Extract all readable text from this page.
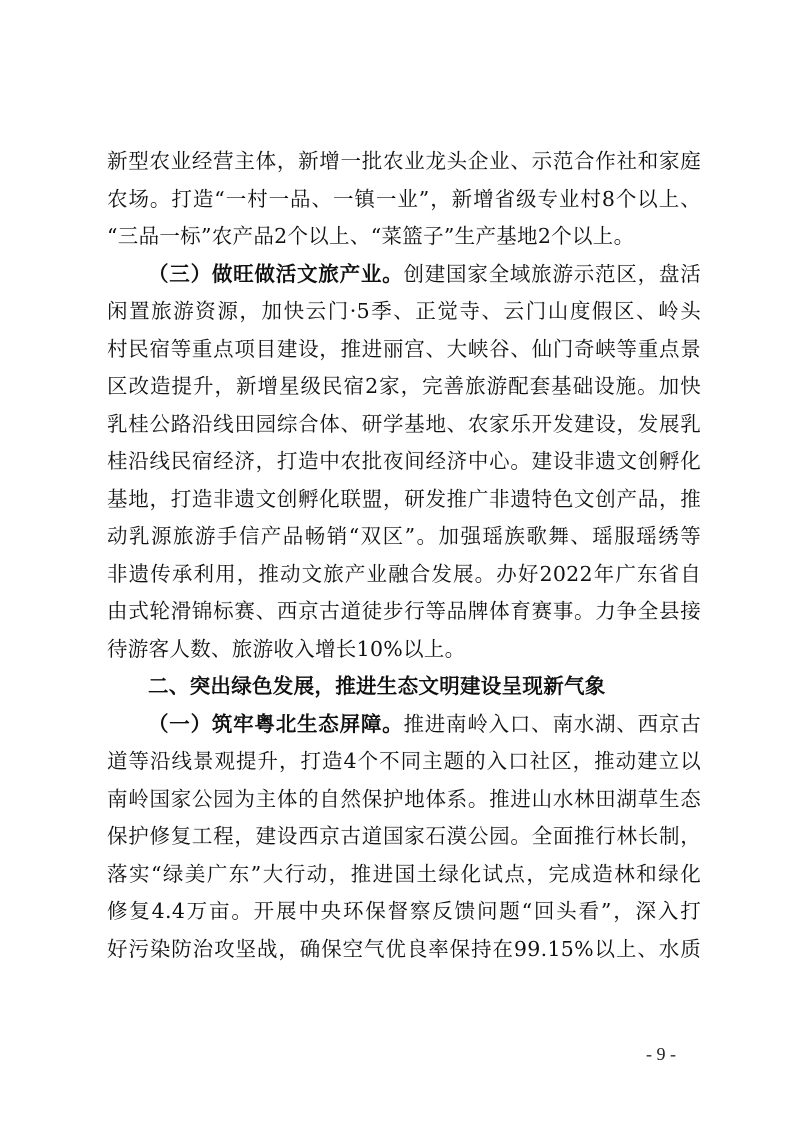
新型农业经营主体，新增一批农业龙头企业、示范合作社和家庭
农场。打造“一村一品、一镇一业”，新增省级专业村8个以上、
“三品一标”农产品2个以上、“菜篮子”生产基地2个以上。
（三）做旺做活文旅产业。创建国家全域旅游示范区，盘活
闲置旅游资源，加快云门·5季、正觉寺、云门山度假区、岭头
村民宿等重点项目建设，推进丽宫、大峡谷、仙门奇峡等重点景
区改造提升，新增星级民宿2家，完善旅游配套基础设施。加快
乳桂公路沿线田园综合体、研学基地、农家乐开发建设，发展乳
桂沿线民宿经济，打造中农批夜间经济中心。建设非遗文创孵化
基地，打造非遗文创孵化联盟，研发推广非遗特色文创产品，推
动乳源旅游手信产品畅销“双区”。加强瑶族歌舞、瑶服瑶绣等
非遗传承利用，推动文旅产业融合发展。办好2022年广东省自
由式轮滑锦标赛、西京古道徒步行等品牌体育赛事。力争全县接
待游客人数、旅游收入增长10%以上。
二、突出绿色发展，推进生态文明建设呈现新气象
（一）筑牢粤北生态屏障。推进南岭入口、南水湖、西京古
道等沿线景观提升，打造4个不同主题的入口社区，推动建立以
南岭国家公园为主体的自然保护地体系。推进山水林田湖草生态
保护修复工程，建设西京古道国家石漠公园。全面推行林长制，
落实“绿美广东”大行动，推进国土绿化试点，完成造林和绿化
修复4.4万亩。开展中央环保督察反馈问题“回头看”，深入打
好污染防治攻坚战，确保空气优良率保持在99.15%以上、水质
- 9 -
